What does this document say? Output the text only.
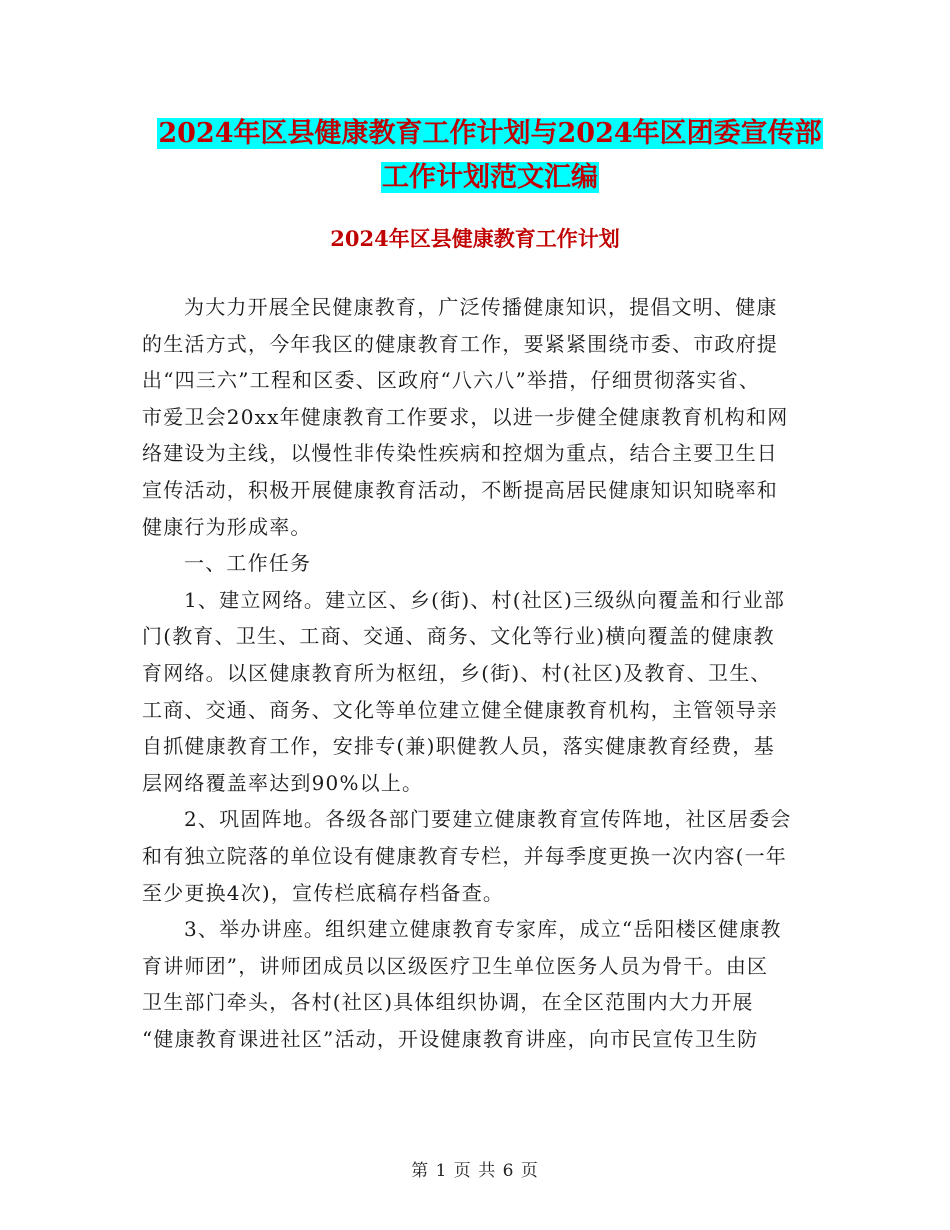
2024年区县健康教育工作计划与2024年区团委宣传部
工作计划范文汇编
2024年区县健康教育工作计划
为大力开展全民健康教育，广泛传播健康知识，提倡文明、健康
的生活方式，今年我区的健康教育工作，要紧紧围绕市委、市政府提
出“四三六”工程和区委、区政府“八六八”举措，仔细贯彻落实省、
市爱卫会20xx年健康教育工作要求，以进一步健全健康教育机构和网
络建设为主线，以慢性非传染性疾病和控烟为重点，结合主要卫生日
宣传活动，积极开展健康教育活动，不断提高居民健康知识知晓率和
健康行为形成率。
一、工作任务
1、建立网络。建立区、乡(街)、村(社区)三级纵向覆盖和行业部
门(教育、卫生、工商、交通、商务、文化等行业)横向覆盖的健康教
育网络。以区健康教育所为枢纽，乡(街)、村(社区)及教育、卫生、
工商、交通、商务、文化等单位建立健全健康教育机构，主管领导亲
自抓健康教育工作，安排专(兼)职健教人员，落实健康教育经费，基
层网络覆盖率达到90%以上。
2、巩固阵地。各级各部门要建立健康教育宣传阵地，社区居委会
和有独立院落的单位设有健康教育专栏，并每季度更换一次内容(一年
至少更换4次)，宣传栏底稿存档备查。
3、举办讲座。组织建立健康教育专家库，成立“岳阳楼区健康教
育讲师团”，讲师团成员以区级医疗卫生单位医务人员为骨干。由区
卫生部门牵头，各村(社区)具体组织协调，在全区范围内大力开展
“健康教育课进社区”活动，开设健康教育讲座，向市民宣传卫生防
第 1 页 共 6 页
